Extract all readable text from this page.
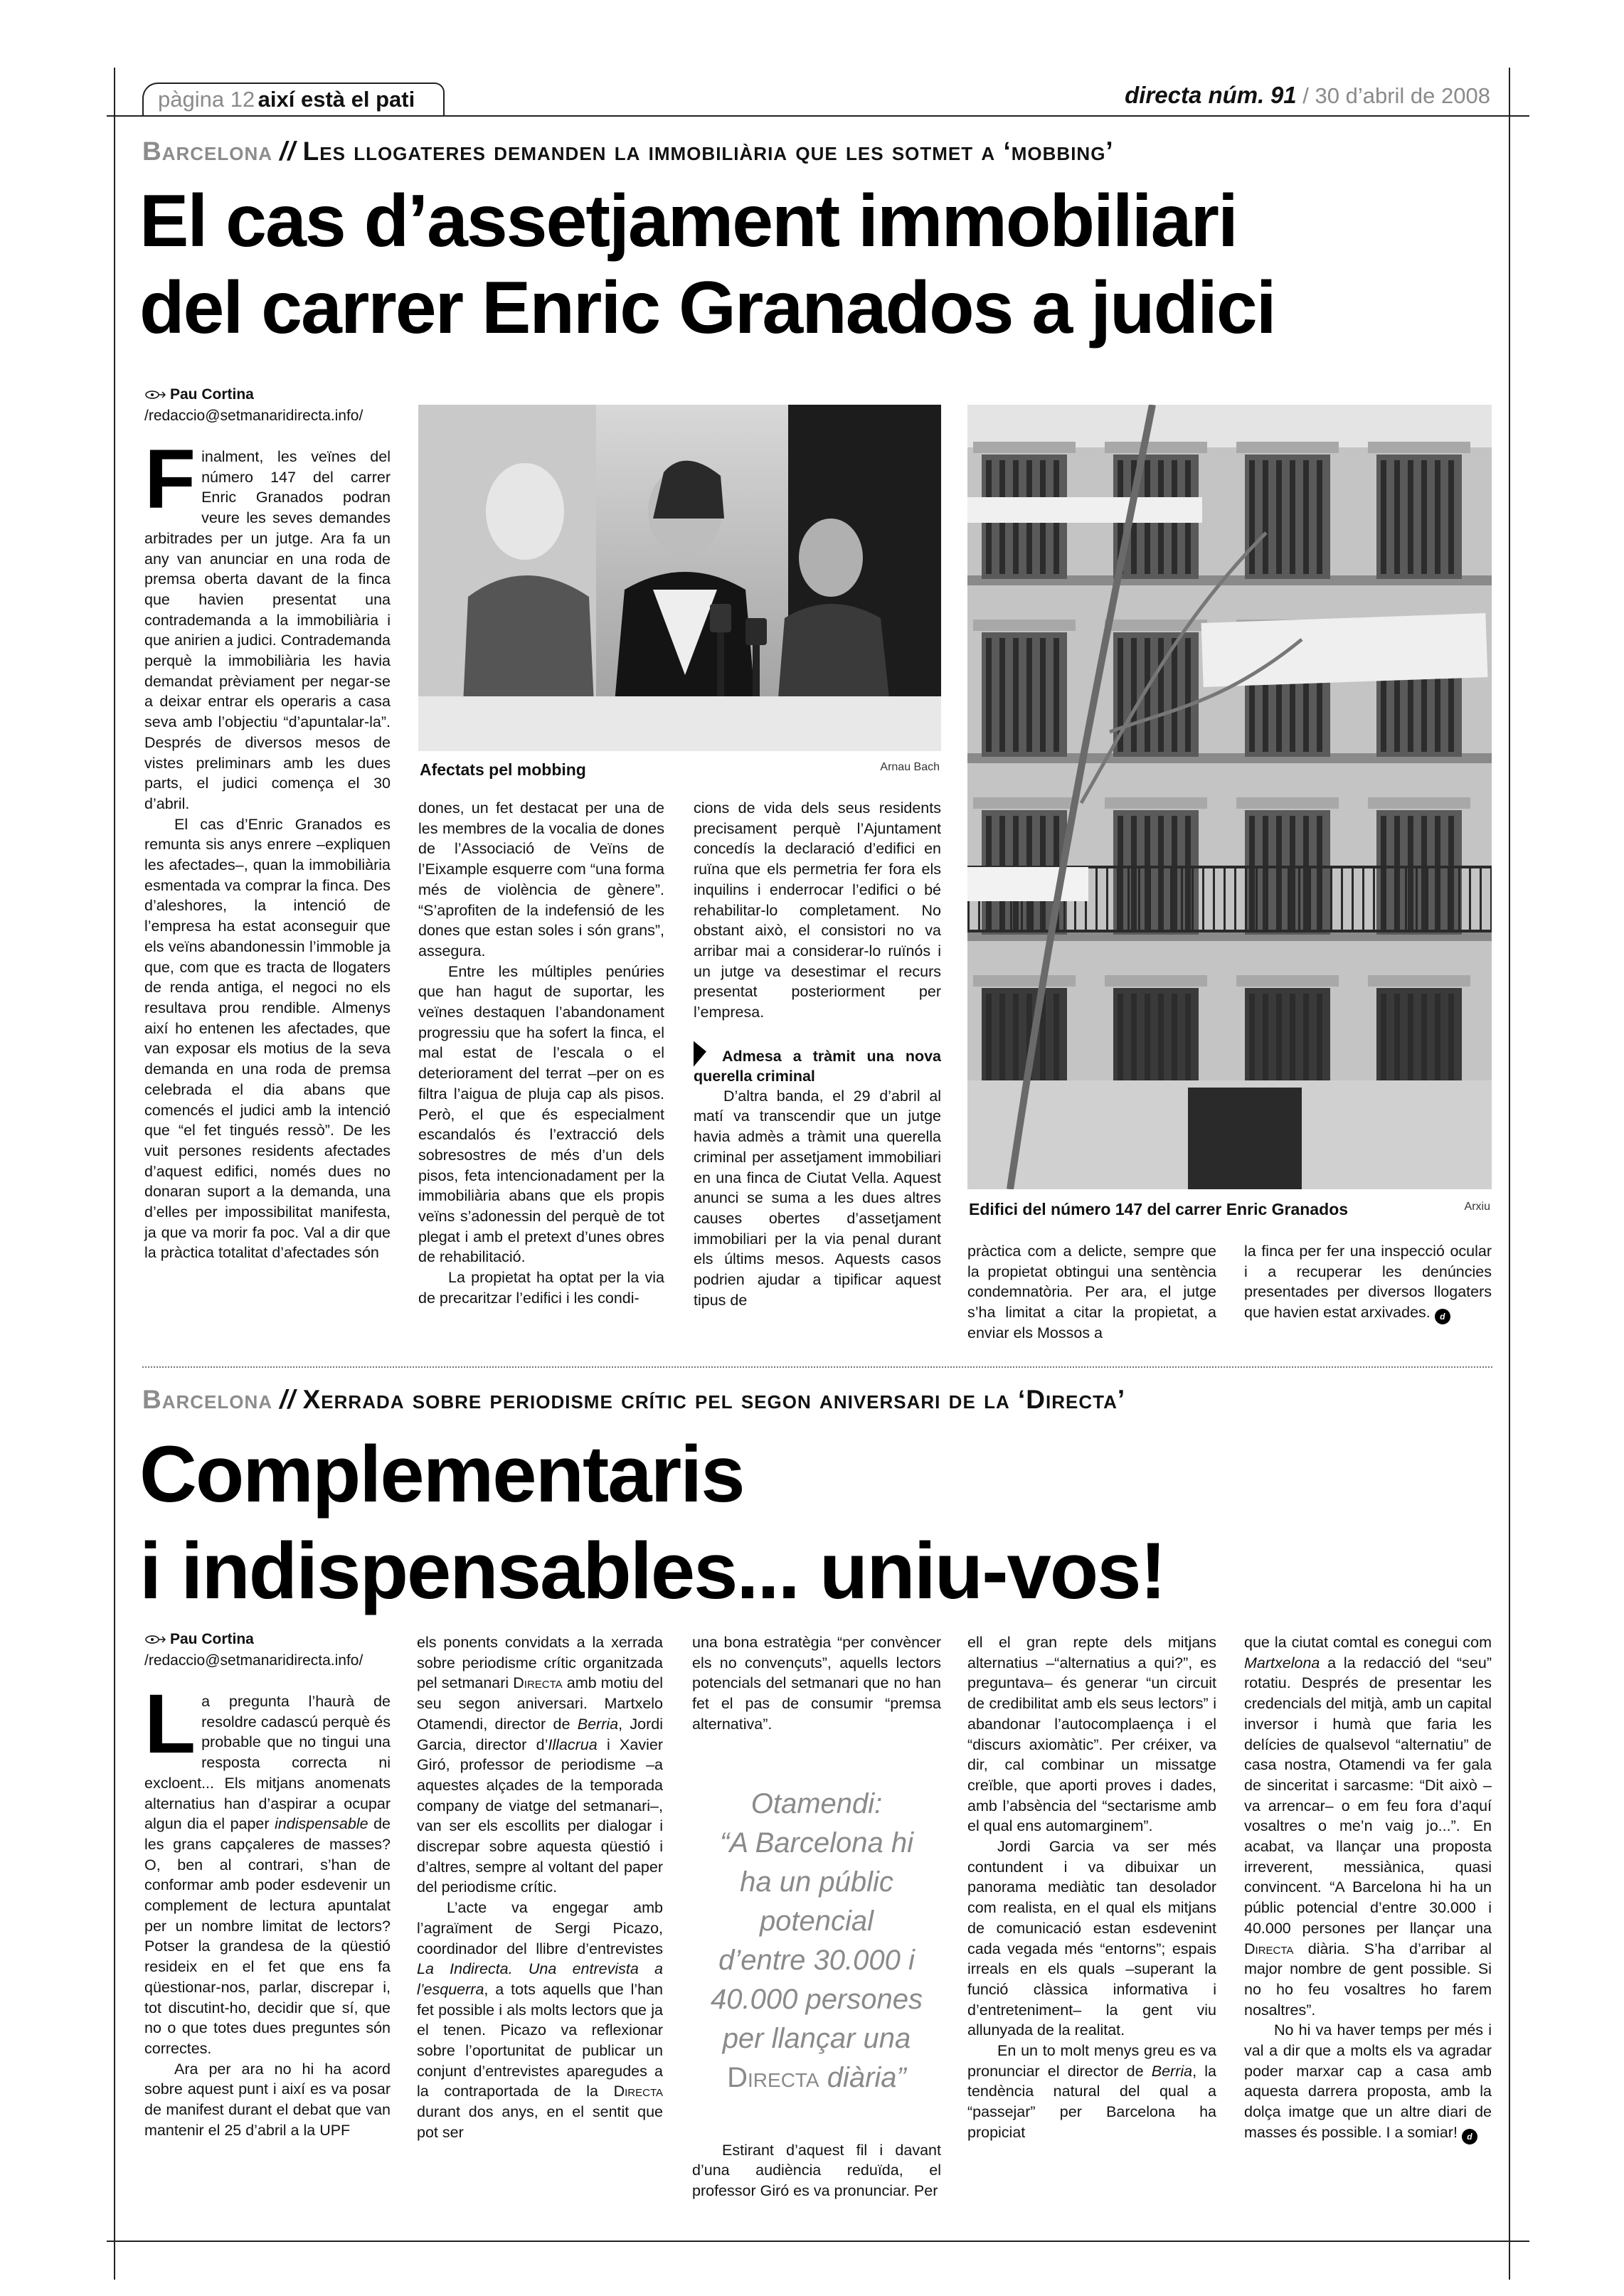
pàgina 12 així està el pati	directa núm. 91 / 30 d’abril de 2008
Barcelona // Les llogateres demanden la immobiliària que les sotmet a ‘mobbing’
El cas d’assetjament immobiliari
del carrer Enric Granados a judici
Pau Cortina
/redaccio@setmanaridirecta.info/

Finalment, les veïnes del número 147 del carrer Enric Granados podran veure les seves demandes arbitrades per un jutge. Ara fa un any van anunciar en una roda de premsa oberta davant de la finca que havien presentat una contrademanda a la immobiliària i que anirien a judici. Contrademanda perquè la immobiliària les havia demandat prèviament per negar-se a deixar entrar els operaris a casa seva amb l’objectiu “d’apuntalar-la”. Després de diversos mesos de vistes preliminars amb les dues parts, el judici comença el 30 d’abril.

El cas d’Enric Granados es remunta sis anys enrere –expliquen les afectades–, quan la immobiliària esmentada va comprar la finca. Des d’aleshores, la intenció de l’empresa ha estat aconseguir que els veïns abandonessin l’immoble ja que, com que es tracta de llogaters de renda antiga, el negoci no els resultava prou rendible. Almenys així ho entenen les afectades, que van exposar els motius de la seva demanda en una roda de premsa celebrada el dia abans que comencés el judici amb la intenció que “el fet tingués ressò”. De les vuit persones residents afectades d’aquest edifici, només dues no donaran suport a la demanda, una d’elles per impossibilitat manifesta, ja que va morir fa poc. Val a dir que la pràctica totalitat d’afectades són

Afectats pel mobbing	Arnau Bach

dones, un fet destacat per una de les membres de la vocalia de dones de l’Associació de Veïns de l’Eixample esquerre com “una forma més de violència de gènere”. “S’aprofiten de la indefensió de les dones que estan soles i són grans”, assegura.

Entre les múltiples penúries que han hagut de suportar, les veïnes destaquen l’abandonament progressiu que ha sofert la finca, el mal estat de l’escala o el deteriorament del terrat –per on es filtra l’aigua de pluja cap als pisos. Però, el que és especialment escandalós és l’extracció dels sobresostres de més d’un dels pisos, feta intencionadament per la immobiliària abans que els propis veïns s’adonessin del perquè de tot plegat i amb el pretext d’unes obres de rehabilitació.

La propietat ha optat per la via de precaritzar l’edifici i les condi-

cions de vida dels seus residents precisament perquè l’Ajuntament concedís la declaració d’edifici en ruïna que els permetria fer fora els inquilins i enderrocar l’edifici o bé rehabilitar-lo completament. No obstant això, el consistori no va arribar mai a considerar-lo ruïnós i un jutge va desestimar el recurs presentat posteriorment per l’empresa.

Admesa a tràmit una nova querella criminal

D’altra banda, el 29 d’abril al matí va transcendir que un jutge havia admès a tràmit una querella criminal per assetjament immobiliari en una finca de Ciutat Vella. Aquest anunci se suma a les dues altres causes obertes d’assetjament immobiliari per la via penal durant els últims mesos. Aquests casos podrien ajudar a tipificar aquest tipus de

Edifici del número 147 del carrer Enric Granados	Arxiu

pràctica com a delicte, sempre que la propietat obtingui una sentència condemnatòria. Per ara, el jutge s’ha limitat a citar la propietat, a enviar els Mossos a

la finca per fer una inspecció ocular i a recuperar les denúncies presentades per diversos llogaters que havien estat arxivades. d

Barcelona // Xerrada sobre periodisme crític pel segon aniversari de la ‘Directa’
Complementaris
i indispensables... uniu-vos!
Pau Cortina
/redaccio@setmanaridirecta.info/

La pregunta l’haurà de resoldre cadascú perquè és probable que no tingui una resposta correcta ni excloent... Els mitjans anomenats alternatius han d’aspirar a ocupar algun dia el paper indispensable de les grans capçaleres de masses? O, ben al contrari, s’han de conformar amb poder esdevenir un complement de lectura apuntalat per un nombre limitat de lectors? Potser la grandesa de la qüestió resideix en el fet que ens fa qüestionar-nos, parlar, discrepar i, tot discutint-ho, decidir que sí, que no o que totes dues preguntes són correctes.

Ara per ara no hi ha acord sobre aquest punt i així es va posar de manifest durant el debat que van mantenir el 25 d’abril a la UPF

els ponents convidats a la xerrada sobre periodisme crític organitzada pel setmanari Directa amb motiu del seu segon aniversari. Martxelo Otamendi, director de Berria, Jordi Garcia, director d’Illacrua i Xavier Giró, professor de periodisme –a aquestes alçades de la temporada company de viatge del setmanari–, van ser els escollits per dialogar i discrepar sobre aquesta qüestió i d’altres, sempre al voltant del paper del periodisme crític.

L’acte va engegar amb l’agraïment de Sergi Picazo, coordinador del llibre d’entrevistes La Indirecta. Una entrevista a l’esquerra, a tots aquells que l’han fet possible i als molts lectors que ja el tenen. Picazo va reflexionar sobre l’oportunitat de publicar un conjunt d’entrevistes aparegudes a la contraportada de la Directa durant dos anys, en el sentit que pot ser

una bona estratègia “per convèncer els no convençuts”, aquells lectors potencials del setmanari que no han fet el pas de consumir “premsa alternativa”.

Otamendi:
“A Barcelona hi
ha un públic
potencial
d’entre 30.000 i
40.000 persones
per llançar una
Directa diària”

Estirant d’aquest fil i davant d’una audiència reduïda, el professor Giró es va pronunciar. Per

ell el gran repte dels mitjans alternatius –“alternatius a qui?”, es preguntava– és generar “un circuit de credibilitat amb els seus lectors” i abandonar l’autocomplaença i el “discurs axiomàtic”. Per créixer, va dir, cal combinar un missatge creïble, que aporti proves i dades, amb l’absència del “sectarisme amb el qual ens automarginem”.

Jordi Garcia va ser més contundent i va dibuixar un panorama mediàtic tan desolador com realista, en el qual els mitjans de comunicació estan esdevenint cada vegada més “entorns”; espais irreals en els quals –superant la funció clàssica informativa i d’entreteniment– la gent viu allunyada de la realitat.

En un to molt menys greu es va pronunciar el director de Berria, la tendència natural del qual a “passejar” per Barcelona ha propiciat

que la ciutat comtal es conegui com Martxelona a la redacció del “seu” rotatiu. Després de presentar les credencials del mitjà, amb un capital inversor i humà que faria les delícies de qualsevol “alternatiu” de casa nostra, Otamendi va fer gala de sinceritat i sarcasme: “Dit això –va arrencar– o em feu fora d’aquí vosaltres o me’n vaig jo...”. En acabat, va llançar una proposta irreverent, messiànica, quasi convincent. “A Barcelona hi ha un públic potencial d’entre 30.000 i 40.000 persones per llançar una Directa diària. S’ha d’arribar al major nombre de gent possible. Si no ho feu vosaltres ho farem nosaltres”.

No hi va haver temps per més i val a dir que a molts els va agradar poder marxar cap a casa amb aquesta darrera proposta, amb la dolça imatge que un altre diari de masses és possible. I a somiar! d
